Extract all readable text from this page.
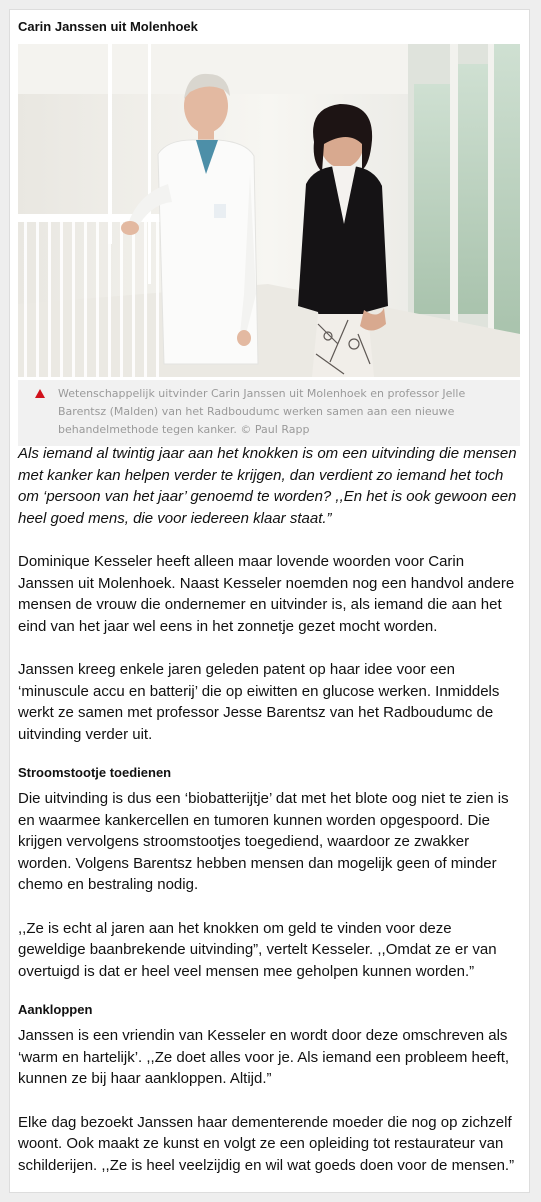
Carin Janssen uit Molenhoek
Wetenschappelijk uitvinder Carin Janssen uit Molenhoek en professor Jelle Barentsz (Malden) van het Radboudumc werken samen aan een nieuwe behandelmethode tegen kanker. © Paul Rapp

Als iemand al twintig jaar aan het knokken is om een uitvinding die mensen met kanker kan helpen verder te krijgen, dan verdient zo iemand het toch om ‘persoon van het jaar’ genoemd te worden? ,,En het is ook gewoon een heel goed mens, die voor iedereen klaar staat.”

Dominique Kesseler heeft alleen maar lovende woorden voor Carin Janssen uit Molenhoek. Naast Kesseler noemden nog een handvol andere mensen de vrouw die ondernemer en uitvinder is, als iemand die aan het eind van het jaar wel eens in het zonnetje gezet mocht worden.

Janssen kreeg enkele jaren geleden patent op haar idee voor een ‘minuscule accu en batterij’ die op eiwitten en glucose werken. Inmiddels werkt ze samen met professor Jesse Barentsz van het Radboudumc de uitvinding verder uit.

Stroomstootje toedienen

Die uitvinding is dus een ‘biobatterijtje’ dat met het blote oog niet te zien is en waarmee kankercellen en tumoren kunnen worden opgespoord. Die krijgen vervolgens stroomstootjes toegediend, waardoor ze zwakker worden. Volgens Barentsz hebben mensen dan mogelijk geen of minder chemo en bestraling nodig.

,,Ze is echt al jaren aan het knokken om geld te vinden voor deze geweldige baanbrekende uitvinding”, vertelt Kesseler. ,,Omdat ze er van overtuigd is dat er heel veel mensen mee geholpen kunnen worden.”

Aankloppen

Janssen is een vriendin van Kesseler en wordt door deze omschreven als ‘warm en hartelijk’. ,,Ze doet alles voor je. Als iemand een probleem heeft, kunnen ze bij haar aankloppen. Altijd.”

Elke dag bezoekt Janssen haar dementerende moeder die nog op zichzelf woont. Ook maakt ze kunst en volgt ze een opleiding tot restaurateur van schilderijen. ,,Ze is heel veelzijdig en wil wat goeds doen voor de mensen.”
